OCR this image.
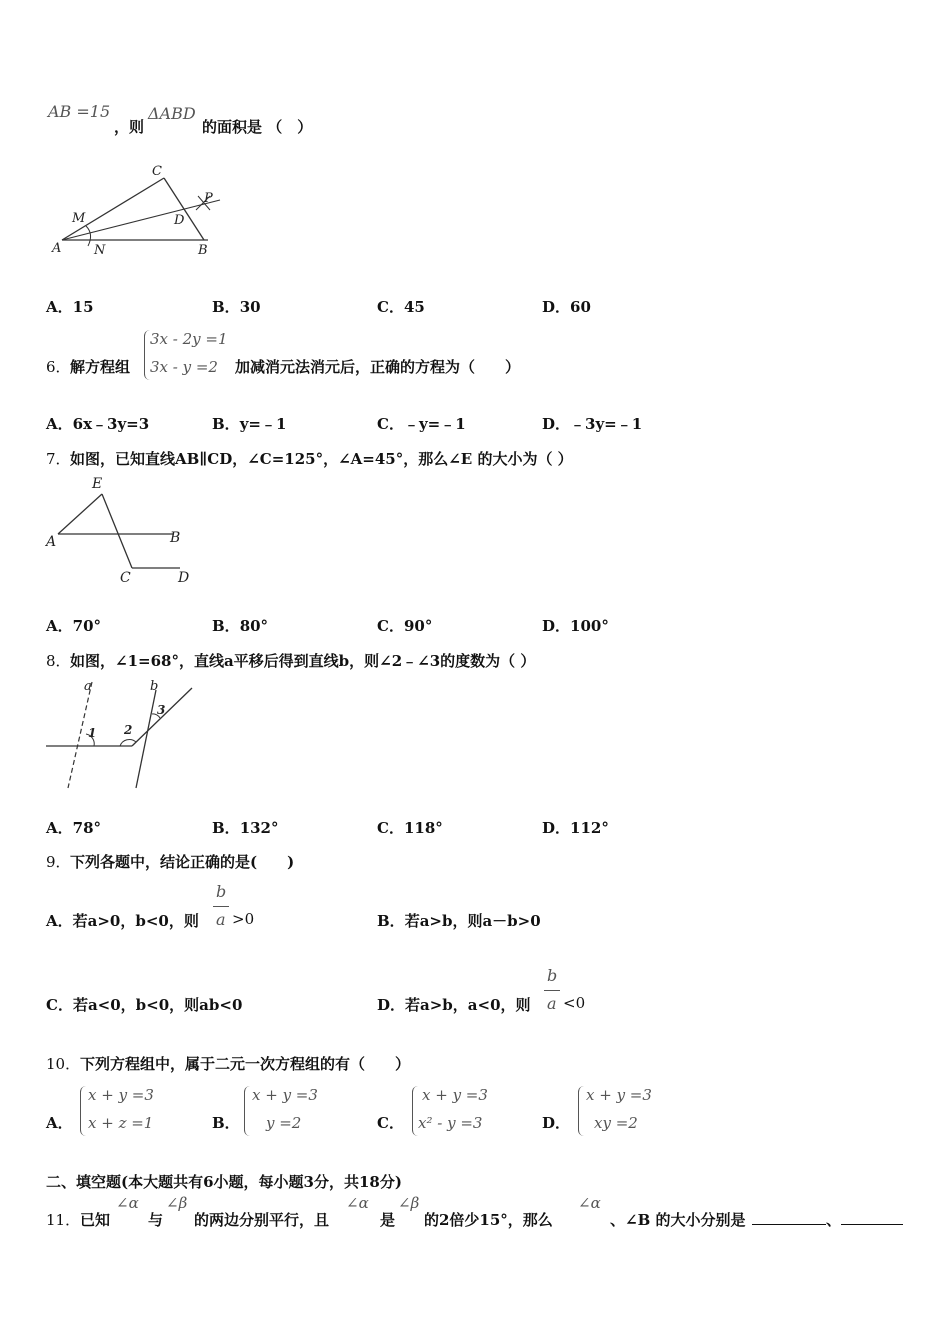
AB =15
，则
ΔABD
的面积是 （　）
C
M	D
P
A	N	B
A．15	B．30	C．45	D．60
6． 解方程组
3x - 2y =1
3x - y =2 加减消元法消元后，正确的方程为（　　）
A．6x﹣3y=3	B．y=﹣1	C．﹣y=﹣1	D．﹣3y=﹣1
7． 如图，已知直线AB∥CD，∠C=125°，∠A=45°，那么∠E 的大小为（ ）
E
A	B
C	D
A．70°	B．80°	C．90°	D．100°
8． 如图，∠1=68°，直线a平移后得到直线b，则∠2﹣∠3的度数为（ ）
a	b
1 2
3
A．78°	B．132°	C．118°	D．112°
9． 下列各题中，结论正确的是(　　)
A．若a>0，b<0，则
b
a >0	B．若a>b，则a－b>0
C．若a<0，b<0，则ab<0	D．若a>b，a<0，则
b
a <0
10． 下列方程组中，属于二元一次方程组的有（　　）
A．
x + y =3
x + z =1	B．
x + y =3
y =2	C．
x + y =3
x² - y =3	D．
x + y =3
xy =2
二、填空题(本大题共有6小题，每小题3分，共18分)
11． 已知
∠α
与
∠β
的两边分别平行，且
∠α
是
∠β
的2倍少15°，那么
∠α
、∠B 的大小分别是	、
